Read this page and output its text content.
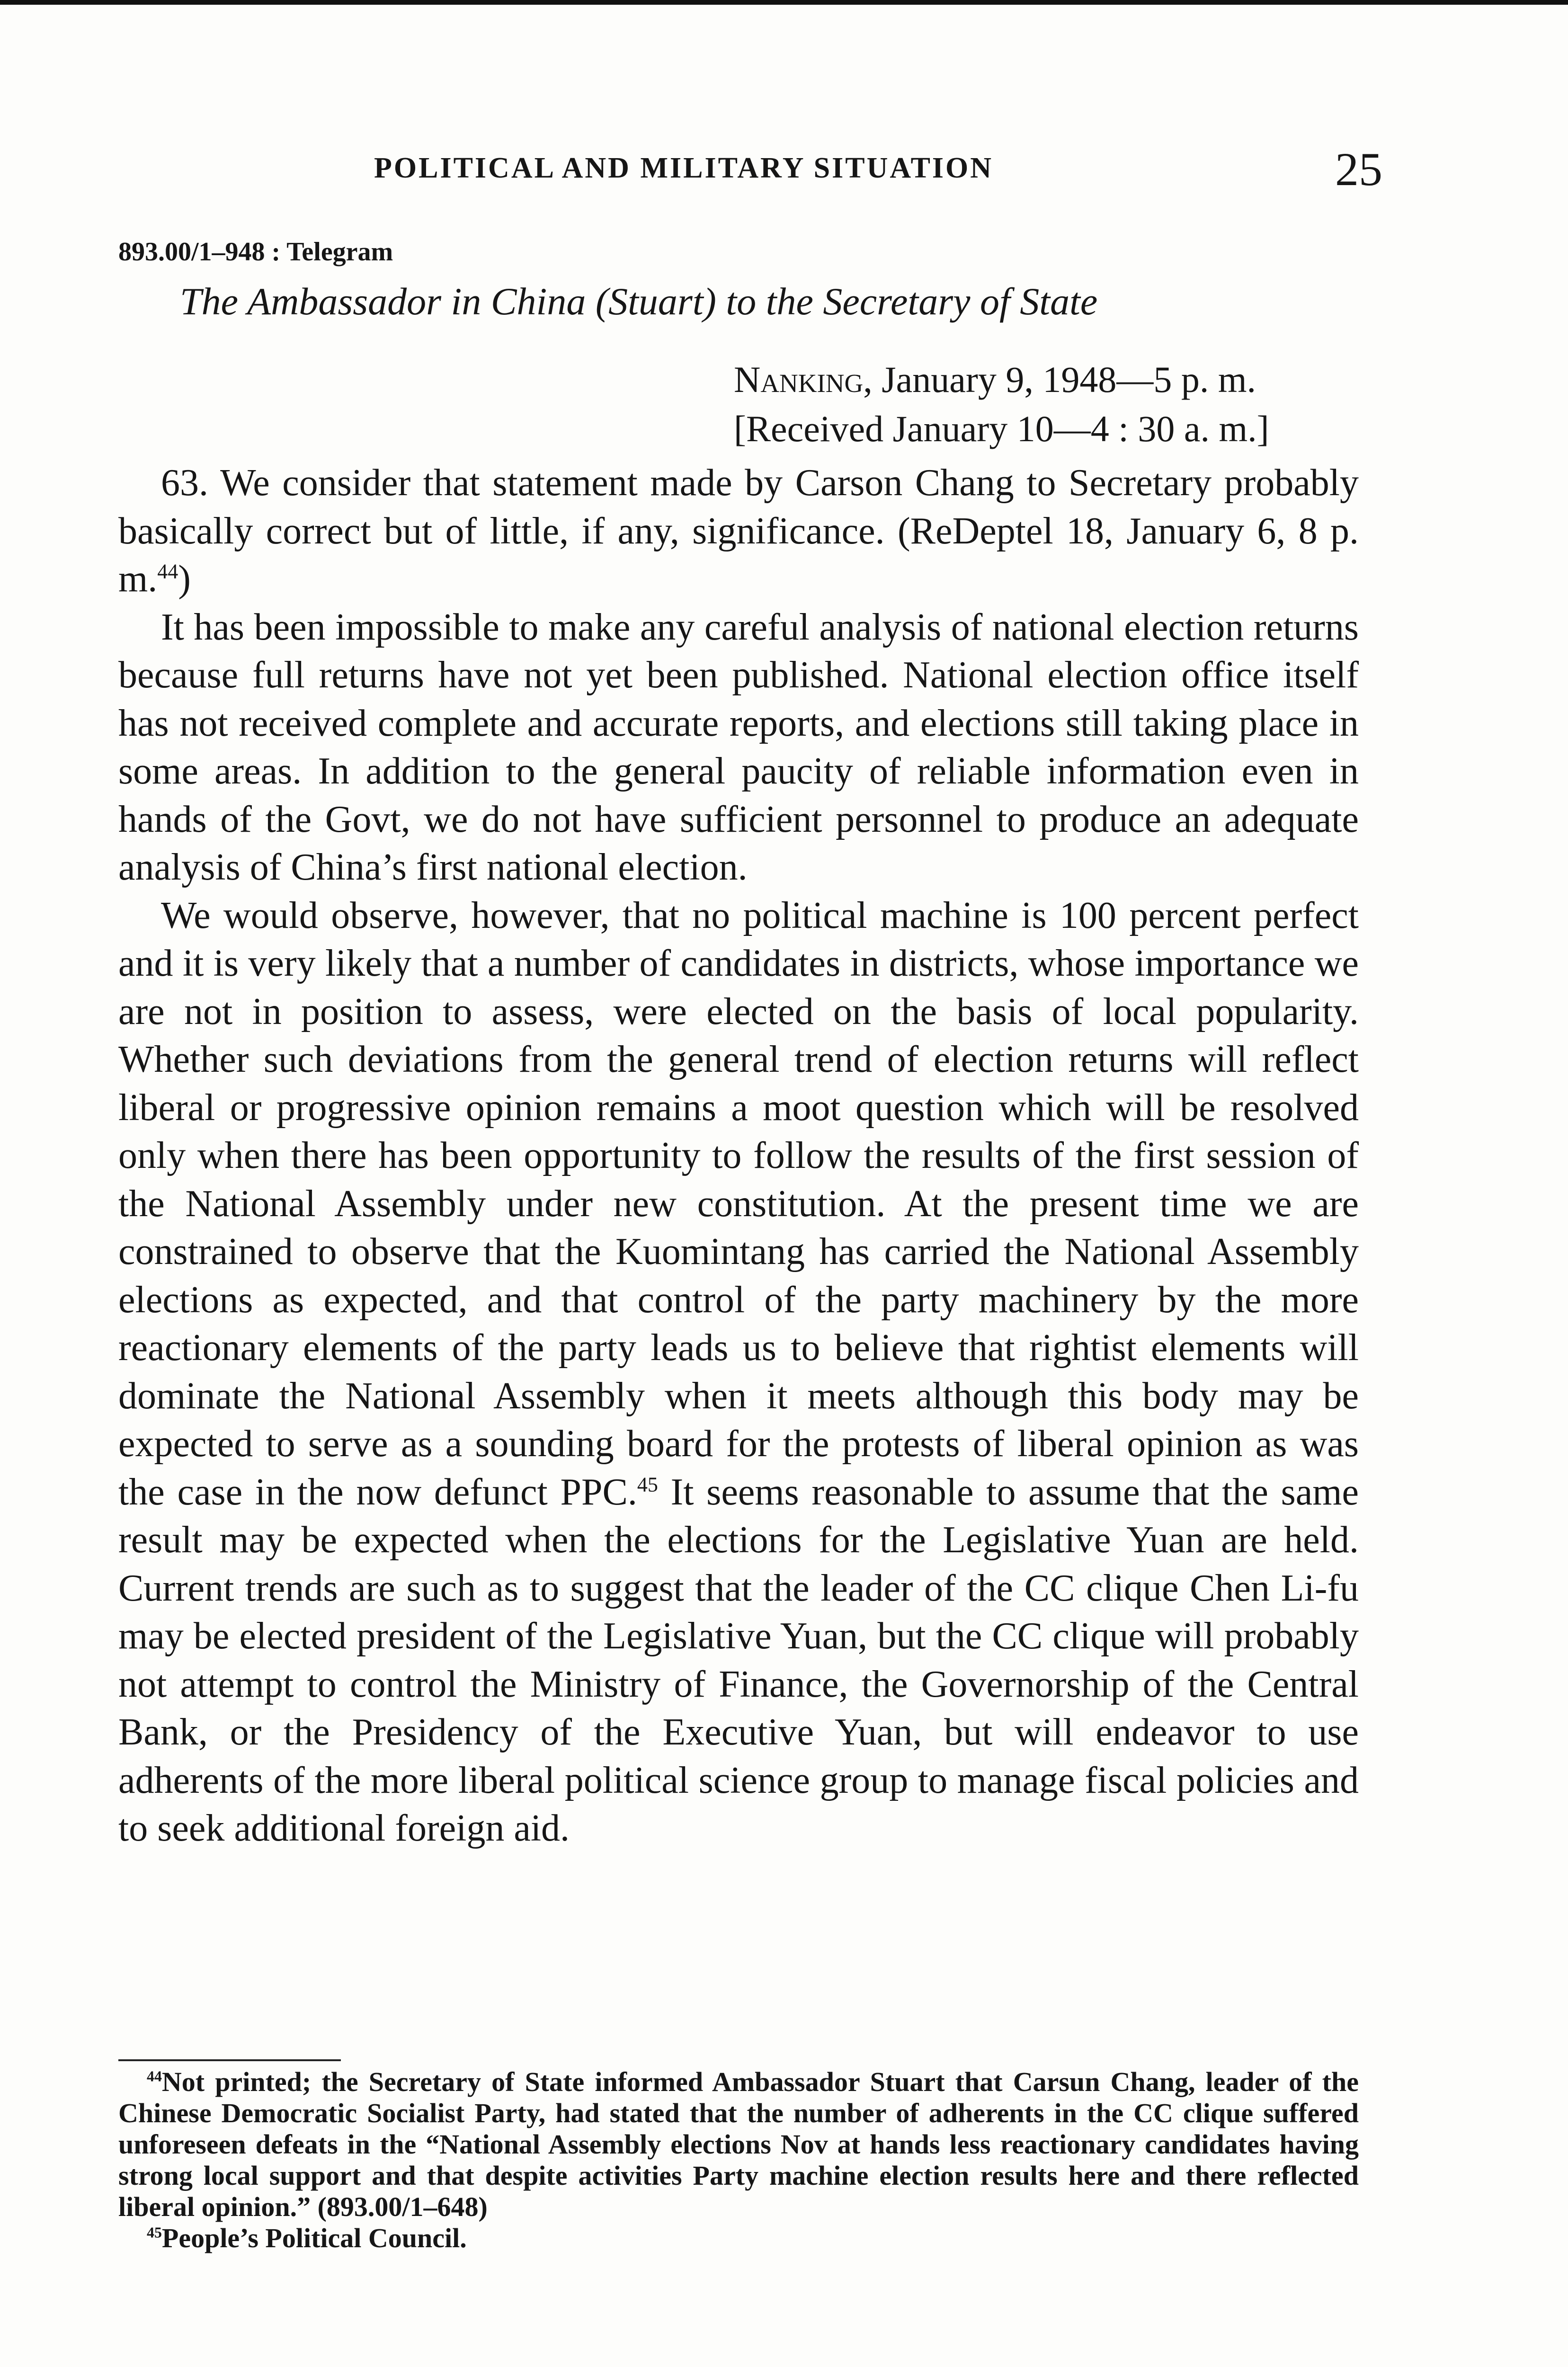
POLITICAL AND MILITARY SITUATION	25
893.00/1–948 : Telegram
The Ambassador in China (Stuart) to the Secretary of State
Nanking, January 9, 1948—5 p. m.
[Received January 10—4 : 30 a. m.]

63. We consider that statement made by Carson Chang to Secretary probably basically correct but of little, if any, significance. (ReDeptel 18, January 6, 8 p. m.$^{44}$)

It has been impossible to make any careful analysis of national election returns because full returns have not yet been published. National election office itself has not received complete and accurate reports, and elections still taking place in some areas. In addition to the general paucity of reliable information even in hands of the Govt, we do not have sufficient personnel to produce an adequate analysis of China’s first national election.

We would observe, however, that no political machine is 100 percent perfect and it is very likely that a number of candidates in districts, whose importance we are not in position to assess, were elected on the basis of local popularity. Whether such deviations from the general trend of election returns will reflect liberal or progressive opinion remains a moot question which will be resolved only when there has been opportunity to follow the results of the first session of the National Assembly under new constitution. At the present time we are constrained to observe that the Kuomintang has carried the National Assembly elections as expected, and that control of the party machinery by the more reactionary elements of the party leads us to believe that rightist elements will dominate the National Assembly when it meets although this body may be expected to serve as a sounding board for the protests of liberal opinion as was the case in the now defunct PPC.$^{45}$ It seems reasonable to assume that the same result may be expected when the elections for the Legislative Yuan are held. Current trends are such as to suggest that the leader of the CC clique Chen Li-fu may be elected president of the Legislative Yuan, but the CC clique will probably not attempt to control the Ministry of Finance, the Governorship of the Central Bank, or the Presidency of the Executive Yuan, but will endeavor to use adherents of the more liberal political science group to manage fiscal policies and to seek additional foreign aid.

$^{44}$Not printed; the Secretary of State informed Ambassador Stuart that Carsun Chang, leader of the Chinese Democratic Socialist Party, had stated that the number of adherents in the CC clique suffered unforeseen defeats in the “National Assembly elections Nov at hands less reactionary candidates having strong local support and that despite activities Party machine election results here and there reflected liberal opinion.” (893.00/1–648)

$^{45}$People’s Political Council.
